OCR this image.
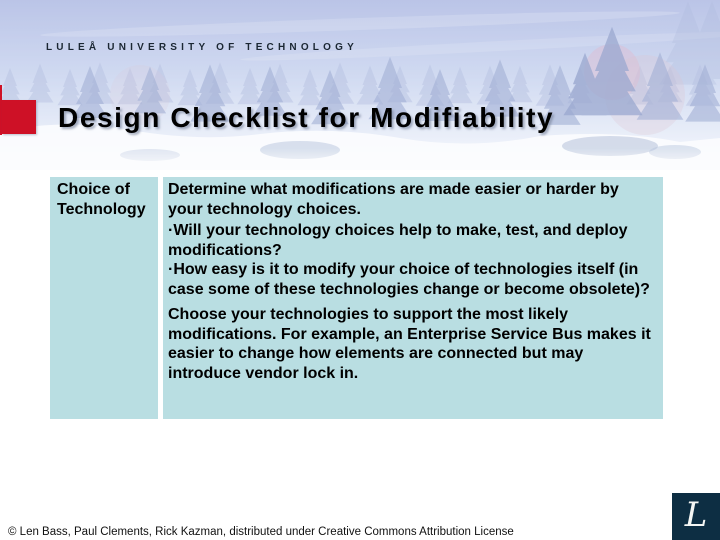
LULEÅ UNIVERSITY OF TECHNOLOGY
Design Checklist for Modifiability
Choice of Technology
Determine what modifications are made easier or harder by your technology choices.
·Will your technology choices help to make, test, and deploy modifications?
·How easy is it to modify your choice of technologies itself (in case some of these technologies change or become obsolete)?
Choose your technologies to support the most likely modifications. For example, an Enterprise Service Bus makes it easier to change how elements are connected but may introduce vendor lock in.
© Len Bass, Paul Clements, Rick Kazman, distributed under Creative Commons Attribution License	L
